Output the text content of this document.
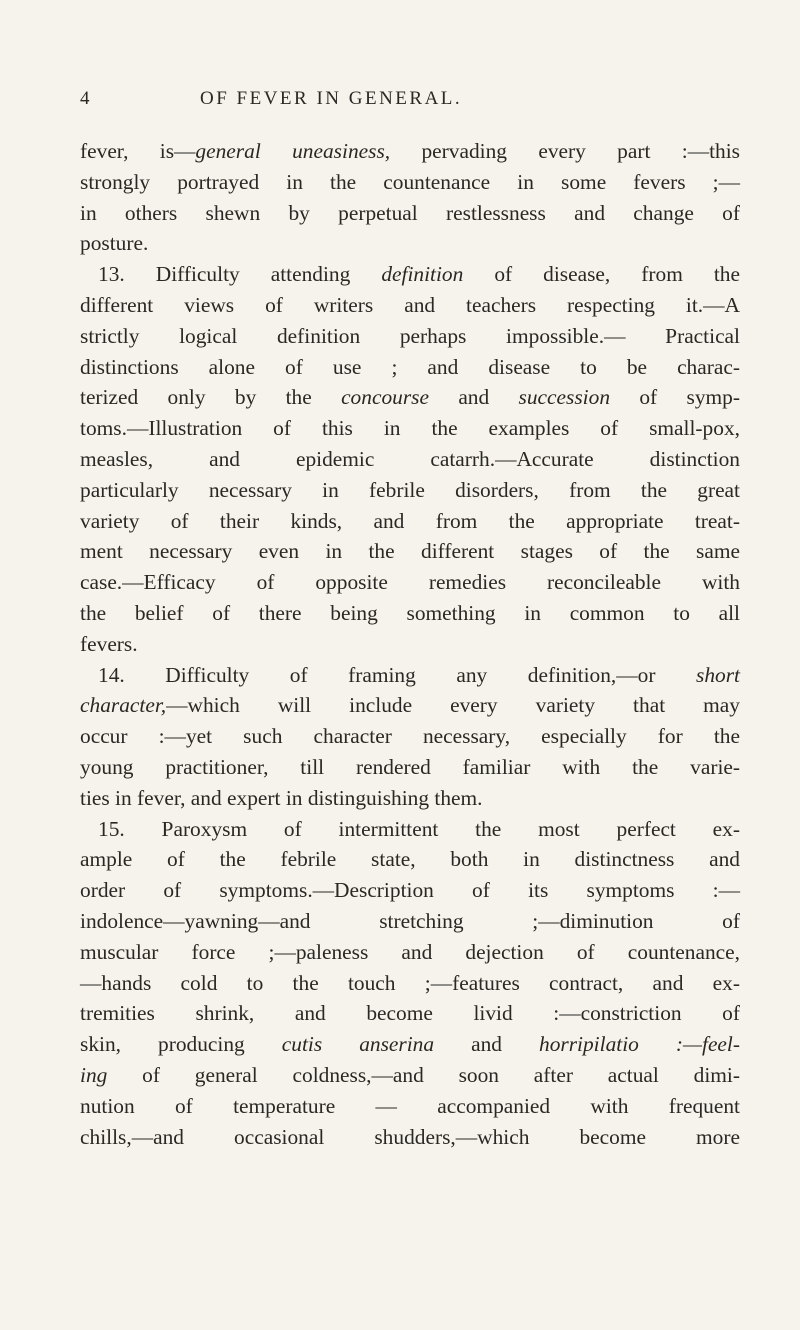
4	OF FEVER IN GENERAL.
fever, is—general uneasiness, pervading every part :—this
strongly portrayed in the countenance in some fevers ;—
in others shewn by perpetual restlessness and change of
posture.
13. Difficulty attending definition of disease, from the
different views of writers and teachers respecting it.—A
strictly logical definition perhaps impossible.— Practical
distinctions alone of use ; and disease to be charac-
terized only by the concourse and succession of symp-
toms.—Illustration of this in the examples of small-pox,
measles, and epidemic catarrh.—Accurate distinction
particularly necessary in febrile disorders, from the great
variety of their kinds, and from the appropriate treat-
ment necessary even in the different stages of the same
case.—Efficacy of opposite remedies reconcileable with
the belief of there being something in common to all
fevers.
14. Difficulty of framing any definition,—or short
character,—which will include every variety that may
occur :—yet such character necessary, especially for the
young practitioner, till rendered familiar with the varie-
ties in fever, and expert in distinguishing them.
15. Paroxysm of intermittent the most perfect ex-
ample of the febrile state, both in distinctness and
order of symptoms.—Description of its symptoms :—
indolence—yawning—and stretching ;—diminution of
muscular force ;—paleness and dejection of countenance,
—hands cold to the touch ;—features contract, and ex-
tremities shrink, and become livid :—constriction of
skin, producing cutis anserina and horripilatio :—feel-
ing of general coldness,—and soon after actual dimi-
nution of temperature — accompanied with frequent
chills,—and occasional shudders,—which become more
